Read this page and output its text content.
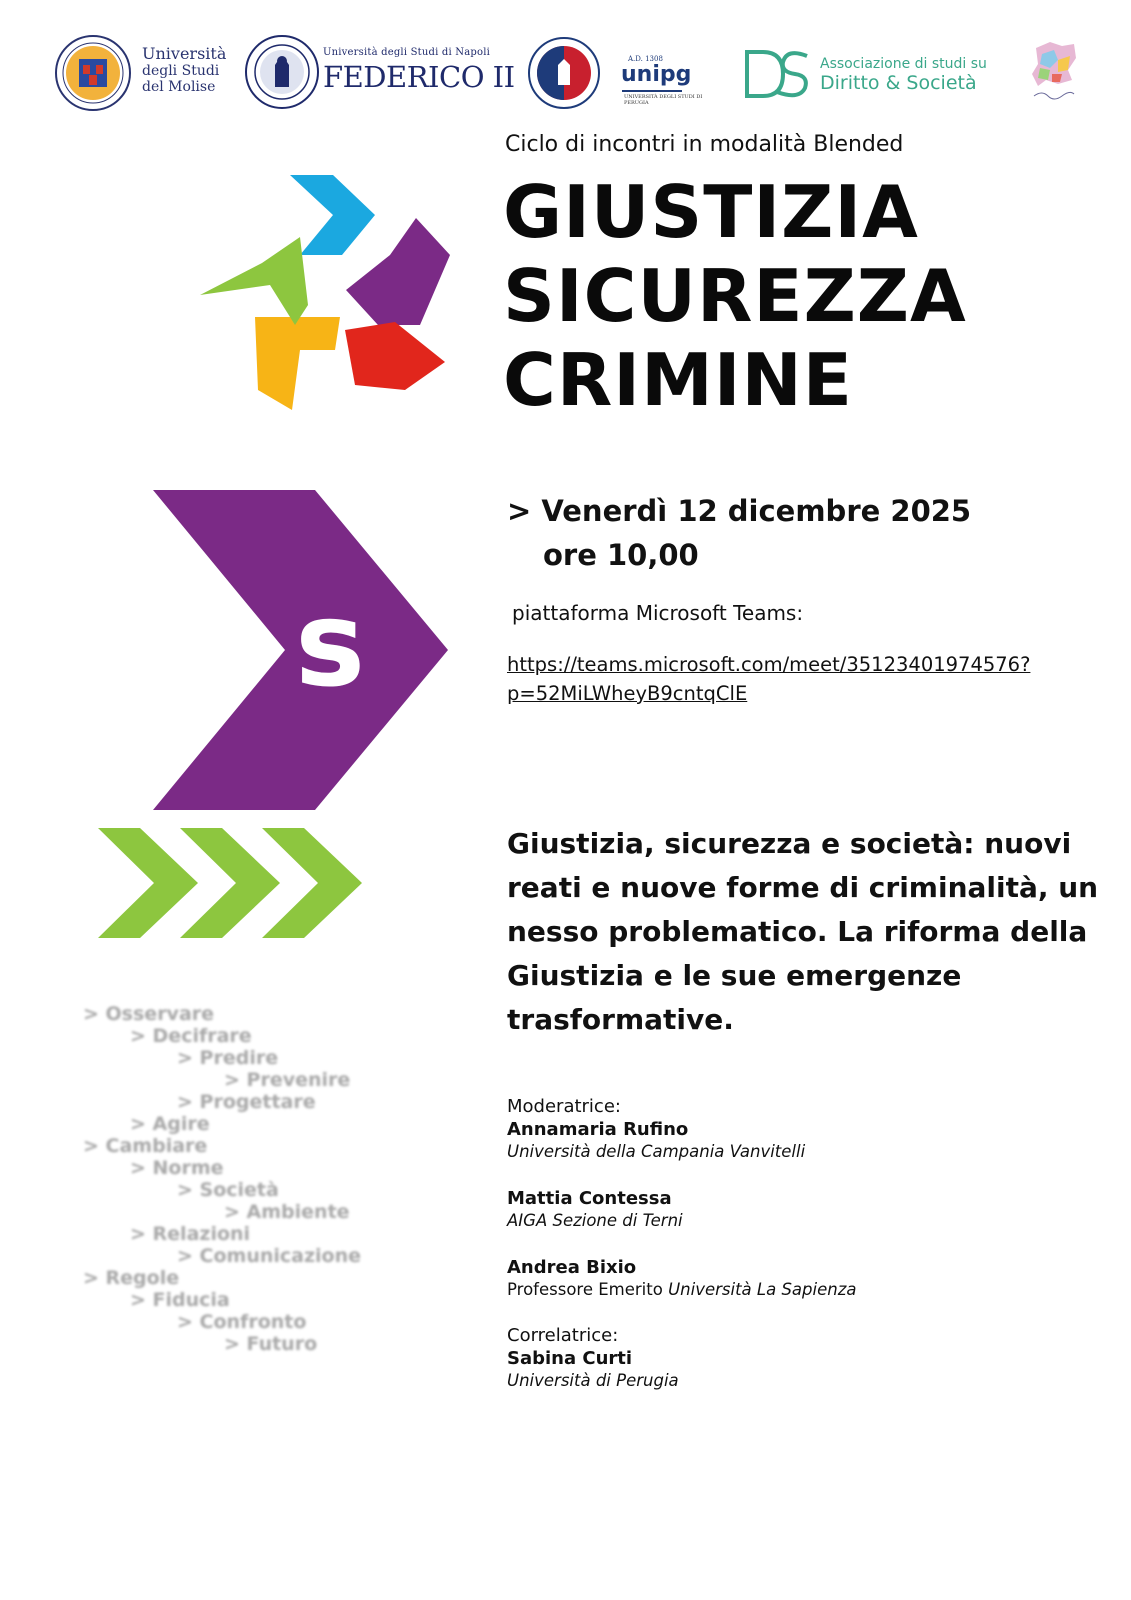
Università
degli Studi
del Molise
Università degli Studi di Napoli
FEDERICO II
A.D. 1308
unipg
UNIVERSITÀ DEGLI STUDI DI PERUGIA
Associazione di studi su
Diritto & Società
Ciclo di incontri in modalità Blended
GIUSTIZIA
SICUREZZA
CRIMINE
s
> Venerdì 12 dicembre 2025
ore 10,00
piattaforma Microsoft Teams:
https://teams.microsoft.com/meet/35123401974576?
p=52MiLWheyB9cntqClE
Giustizia, sicurezza e società: nuovi reati e nuove forme di criminalità, un nesso problematico. La riforma della Giustizia e le sue emergenze trasformative.
Moderatrice:
Annamaria Rufino
Università della Campania Vanvitelli
Mattia Contessa
AIGA Sezione di Terni
Andrea Bixio
Professore Emerito Università La Sapienza
Correlatrice:
Sabina Curti
Università di Perugia
> Osservare
> Decifrare
> Predire
> Prevenire
> Progettare
> Agire
> Cambiare
> Norme
> Società
> Ambiente
> Relazioni
> Comunicazione
> Regole
> Fiducia
> Confronto
> Futuro
